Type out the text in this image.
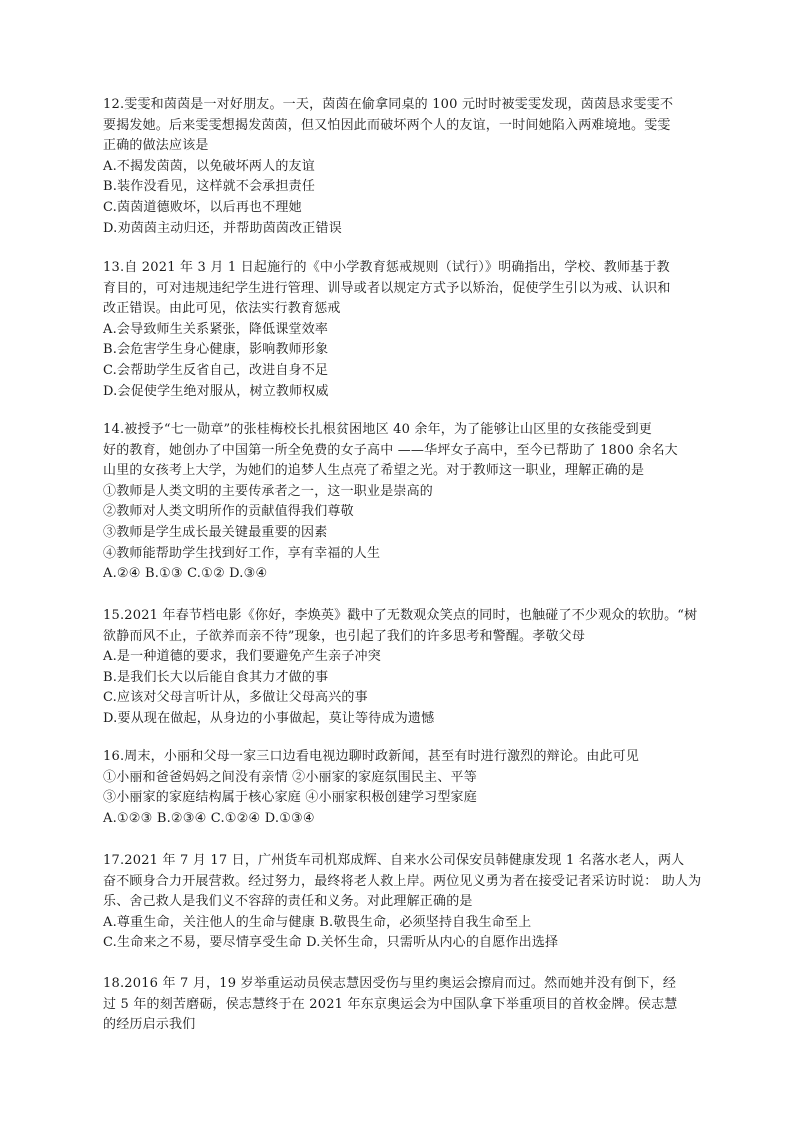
12.雯雯和茵茵是一对好朋友。一天，茵茵在偷拿同桌的 100 元时时被雯雯发现，茵茵恳求雯雯不
要揭发她。后来雯雯想揭发茵茵，但又怕因此而破坏两个人的友谊，一时间她陷入两难境地。雯雯
正确的做法应该是
A.不揭发茵茵，以免破坏两人的友谊
B.装作没看见，这样就不会承担责任
C.茵茵道德败坏，以后再也不理她
D.劝茵茵主动归还，并帮助茵茵改正错误
13.自 2021 年 3 月 1 日起施行的《中小学教育惩戒规则（试行）》明确指出，学校、教师基于教
育目的，可对违规违纪学生进行管理、训导或者以规定方式予以矫治，促使学生引以为戒、认识和
改正错误。由此可见，依法实行教育惩戒
A.会导致师生关系紧张，降低课堂效率
B.会危害学生身心健康，影响教师形象
C.会帮助学生反省自己，改进自身不足
D.会促使学生绝对服从，树立教师权威
14.被授予“七一勋章”的张桂梅校长扎根贫困地区 40 余年，为了能够让山区里的女孩能受到更
好的教育，她创办了中国第一所全免费的女子高中 ——华坪女子高中，至今已帮助了 1800 余名大
山里的女孩考上大学，为她们的追梦人生点亮了希望之光。对于教师这一职业，理解正确的是
①教师是人类文明的主要传承者之一，这一职业是崇高的
②教师对人类文明所作的贡献值得我们尊敬
③教师是学生成长最关键最重要的因素
④教师能帮助学生找到好工作，享有幸福的人生
A.②④ B.①③ C.①② D.③④
15.2021 年春节档电影《你好，李焕英》戳中了无数观众笑点的同时，也触碰了不少观众的软肋。“树
欲静而风不止，子欲养而亲不待”现象，也引起了我们的许多思考和警醒。孝敬父母
A.是一种道德的要求，我们要避免产生亲子冲突
B.是我们长大以后能自食其力才做的事
C.应该对父母言听计从，多做让父母高兴的事
D.要从现在做起，从身边的小事做起，莫让等待成为遗憾
16.周末，小丽和父母一家三口边看电视边聊时政新闻，甚至有时进行激烈的辩论。由此可见
①小丽和爸爸妈妈之间没有亲情 ②小丽家的家庭氛围民主、平等
③小丽家的家庭结构属于核心家庭 ④小丽家积极创建学习型家庭
A.①②③ B.②③④ C.①②④ D.①③④
17.2021 年 7 月 17 日，广州货车司机郑成辉、自来水公司保安员韩健康发现 1 名落水老人，两人
奋不顾身合力开展营救。经过努力，最终将老人救上岸。两位见义勇为者在接受记者采访时说： 助人为
乐、舍己救人是我们义不容辞的责任和义务。对此理解正确的是
A.尊重生命，关注他人的生命与健康 B.敬畏生命，必须坚持自我生命至上
C.生命来之不易，要尽情享受生命 D.关怀生命，只需听从内心的自愿作出选择
18.2016 年 7 月，19 岁举重运动员侯志慧因受伤与里约奥运会擦肩而过。然而她并没有倒下，经
过 5 年的刻苦磨砺，侯志慧终于在 2021 年东京奥运会为中国队拿下举重项目的首枚金牌。侯志慧
的经历启示我们
